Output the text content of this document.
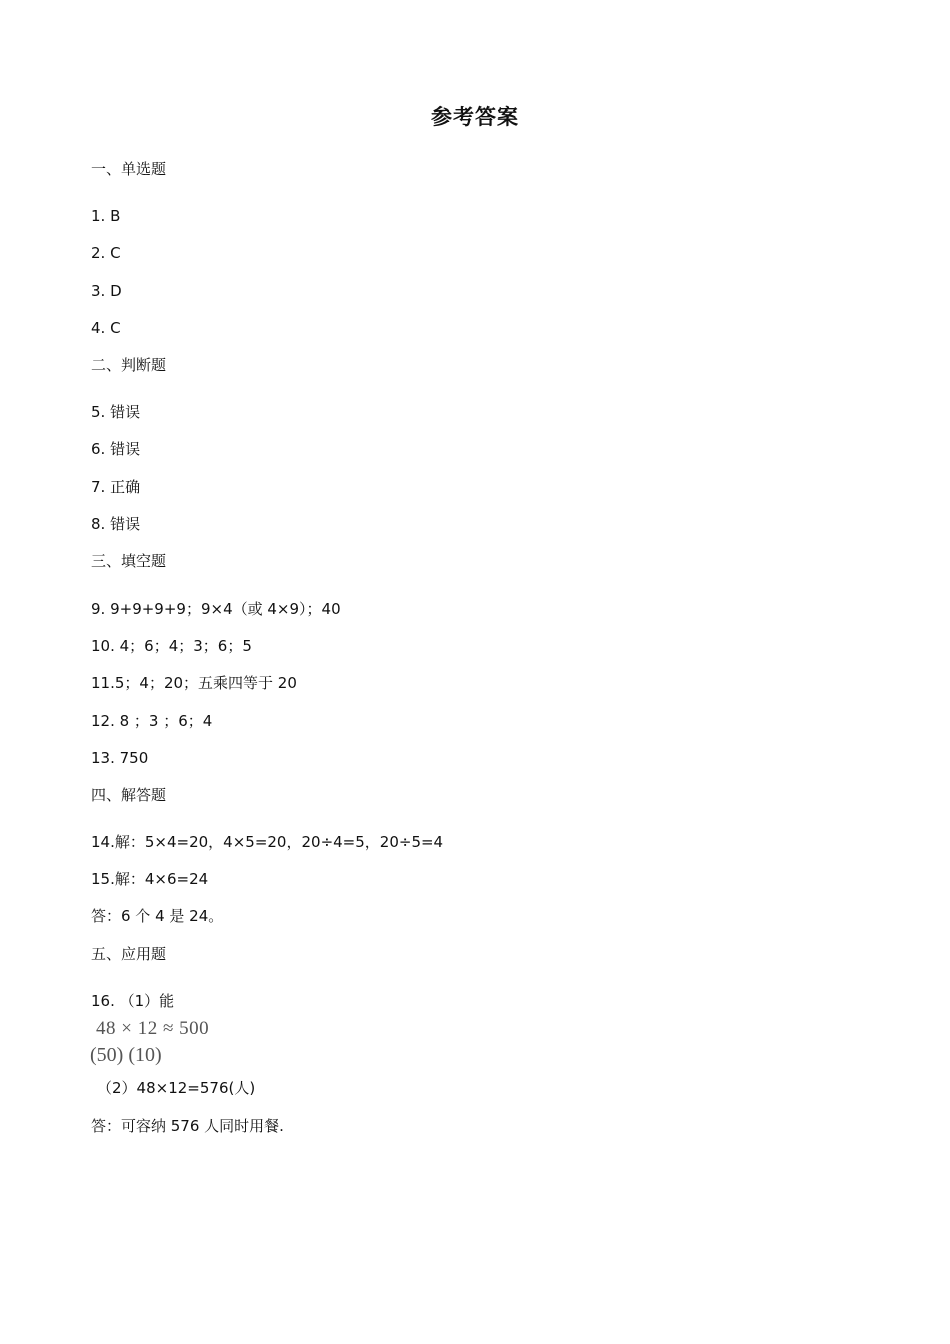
参考答案
一、单选题
1. B
2. C
3. D
4. C
二、判断题
5. 错误
6. 错误
7. 正确
8. 错误
三、填空题
9. 9+9+9+9；9×4（或 4×9）；40
10. 4；6；4；3；6；5
11.5；4；20；五乘四等于 20
12. 8 ；3 ；6；4
13. 750
四、解答题
14.解：5×4=20，4×5=20，20÷4=5，20÷5=4
15.解：4×6=24
答：6 个 4 是 24。
五、应用题
16. （1）能
48 × 12 ≈ 500
(50) (10)
（2）48×12=576(人)
答：可容纳 576 人同时用餐.
